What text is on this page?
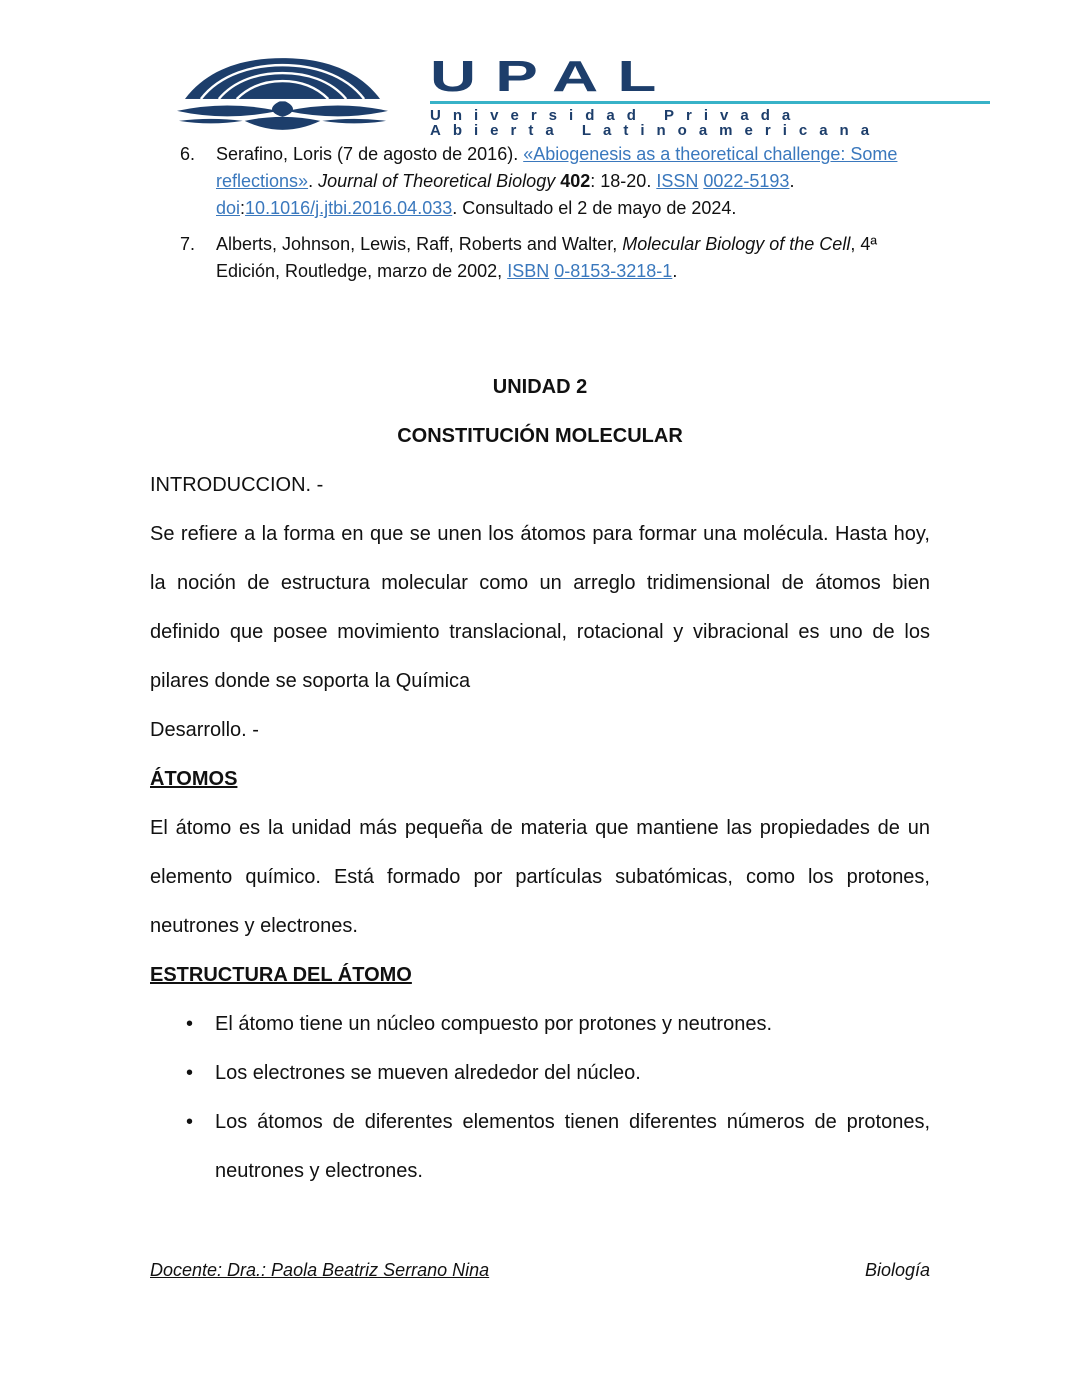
UPAL
Universidad Privada
Abierta Latinoamericana
6.	Serafino, Loris (7 de agosto de 2016). «Abiogenesis as a theoretical challenge: Some reflections». Journal of Theoretical Biology 402: 18-20. ISSN 0022-5193. doi:10.1016/j.jtbi.2016.04.033. Consultado el 2 de mayo de 2024.
7.	Alberts, Johnson, Lewis, Raff, Roberts and Walter, Molecular Biology of the Cell, 4ª Edición, Routledge, marzo de 2002, ISBN 0-8153-3218-1.

UNIDAD 2

CONSTITUCIÓN MOLECULAR

INTRODUCCION. -

Se refiere a la forma en que se unen los átomos para formar una molécula. Hasta hoy, la noción de estructura molecular como un arreglo tridimensional de átomos bien definido que posee movimiento translacional, rotacional y vibracional es uno de los pilares donde se soporta la Química

Desarrollo. -

ÁTOMOS

El átomo es la unidad más pequeña de materia que mantiene las propiedades de un elemento químico. Está formado por partículas subatómicas, como los protones, neutrones y electrones.

ESTRUCTURA DEL ÁTOMO

• El átomo tiene un núcleo compuesto por protones y neutrones.
• Los electrones se mueven alrededor del núcleo.
• Los átomos de diferentes elementos tienen diferentes números de protones, neutrones y electrones.
Docente: Dra.: Paola Beatriz Serrano Nina	Biología
